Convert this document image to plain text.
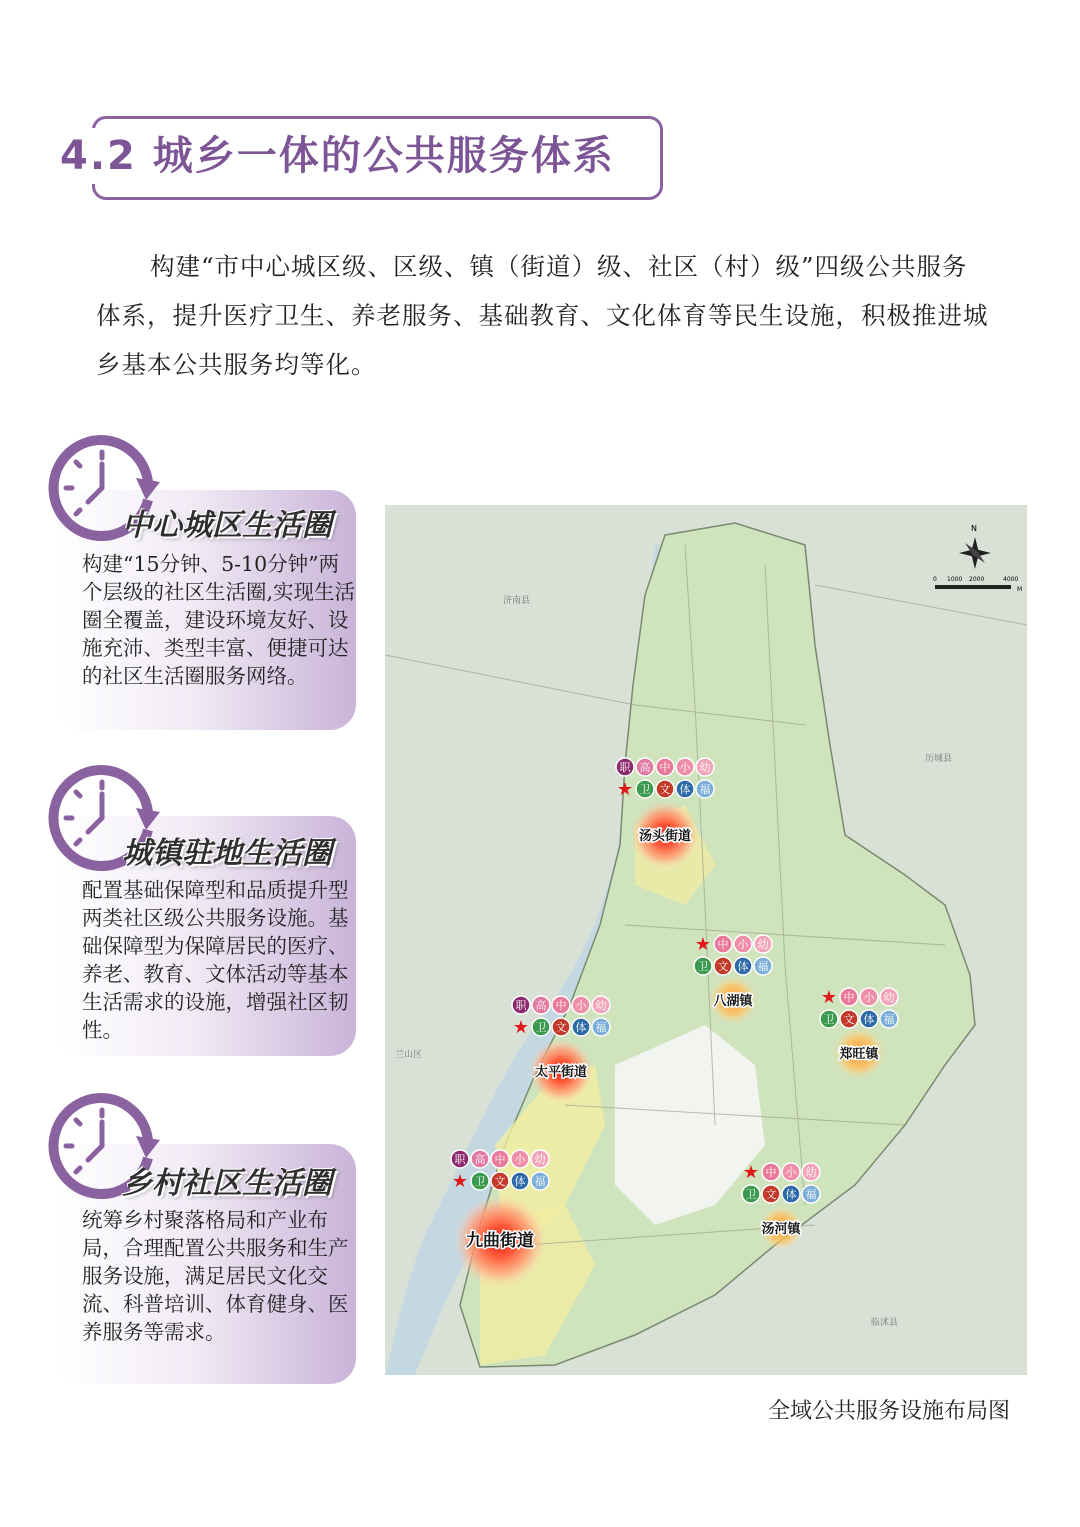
4.2 城乡一体的公共服务体系

构建“市中心城区级、区级、镇（街道）级、社区（村）级”四级公共服务体系，提升医疗卫生、养老服务、基础教育、文化体育等民生设施，积极推进城乡基本公共服务均等化。

中心城区生活圈

构建“15分钟、5-10分钟”两个层级的社区生活圈,实现生活圈全覆盖，建设环境友好、设施充沛、类型丰富、便捷可达的社区生活圈服务网络。

城镇驻地生活圈

配置基础保障型和品质提升型两类社区级公共服务设施。基础保障型为保障居民的医疗、养老、教育、文体活动等基本生活需求的设施，增强社区韧性。

乡村社区生活圈

统筹乡村聚落格局和产业布局，合理配置公共服务和生产服务设施，满足居民文化交流、科普培训、体育健身、医养服务等需求。

N
0 1000 2000	4000
M
济南县
历城县
临沭县
兰山区
汤头街道
职 高 中 小 幼
★ 卫 文 体 福
八湖镇
★ 中 小 幼
卫 文 体 福
郑旺镇
★ 中 小 幼
卫 文 体 福
太平街道
职 高 中 小 幼
★ 卫 文 体 福
九曲街道
职 高 中 小 幼
★ 卫 文 体 福
汤河镇
★ 中 小 幼
卫 文 体 福
全域公共服务设施布局图
